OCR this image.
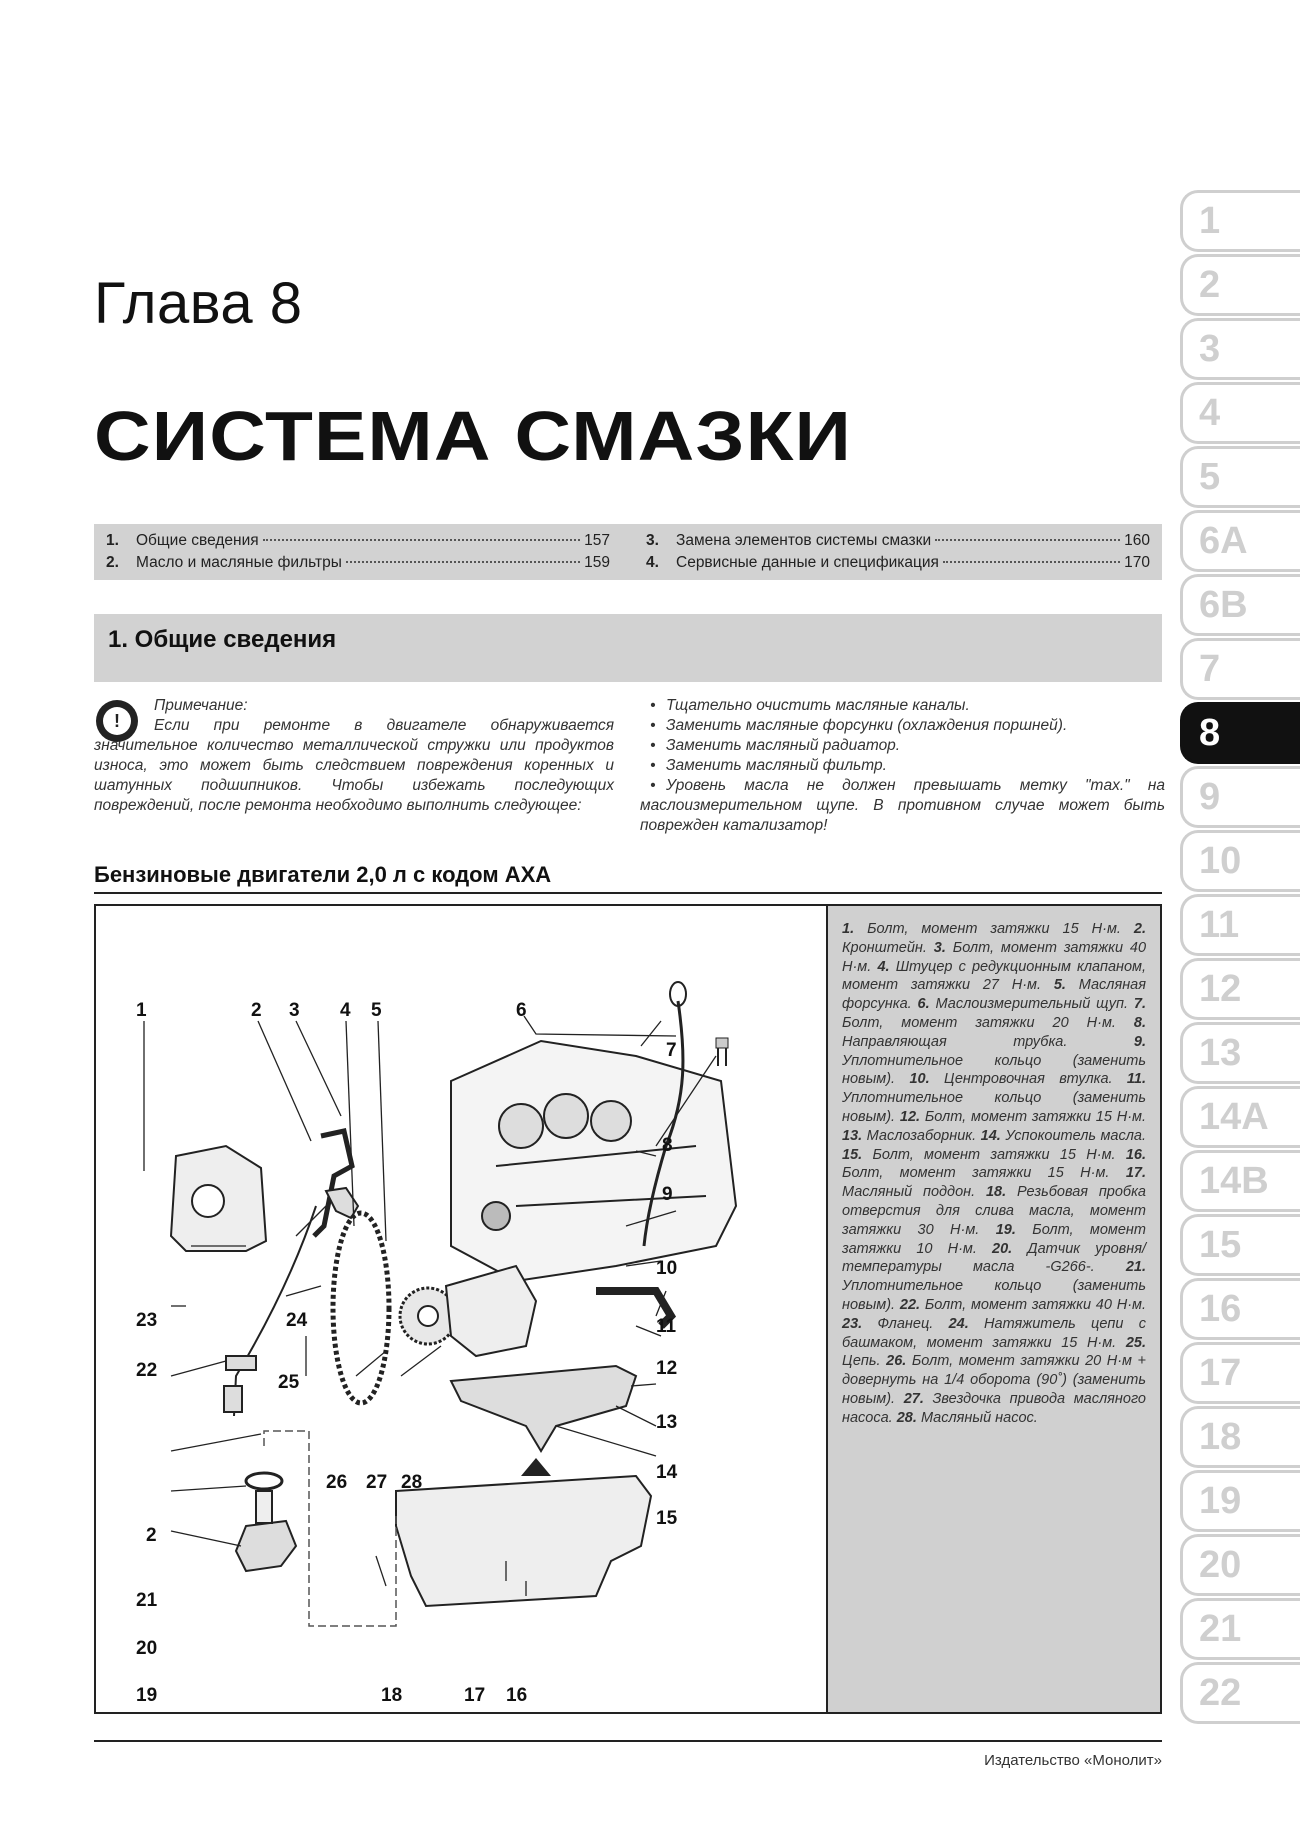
Глава 8
СИСТЕМА СМАЗКИ
1.	Общие сведения	157
2.	Масло и масляные фильтры	159
3.	Замена элементов системы смазки	160
4.	Сервисные данные и спецификация	170
1. Общие сведения
!
Примечание:
Если при ремонте в двигателе обнаруживается значительное количество металлической стружки или продуктов износа, это может быть следствием повреждения коренных и шатунных подшипников. Чтобы избежать последующих повреждений, после ремонта необходимо выполнить следующее:
• Тщательно очистить масляные каналы.
• Заменить масляные форсунки (охлаждения поршней).
• Заменить масляный радиатор.
• Заменить масляный фильтр.
• Уровень масла не должен превышать метку "max." на маслоизмерительном щупе. В противном случае может быть поврежден катализатор!
Бензиновые двигатели 2,0 л с кодом AXA
1	2 3 4 5	6
7
8
9
10
11
12
13
14
15
16
17
18
19
20
21
22
23	24
25
26 27 28
2
1. Болт, момент затяжки 15 Н·м. 2. Кронштейн. 3. Болт, момент затяжки 40 Н·м. 4. Штуцер с редукционным клапаном, момент затяжки 27 Н·м. 5. Масляная форсунка. 6. Маслоизмерительный щуп. 7. Болт, момент затяжки 20 Н·м. 8. Направляющая трубка.	9. Уплотнительное кольцо (заменить новым). 10. Центровочная втулка. 11. Уплотнительное кольцо (заменить новым). 12. Болт, момент затяжки 15 Н·м. 13. Маслозаборник. 14. Успокоитель масла. 15. Болт, момент затяжки 15 Н·м. 16. Болт, момент затяжки 15 Н·м. 17. Масляный поддон. 18. Резьбовая пробка отверстия для слива масла, момент затяжки 30 Н·м. 19. Болт, момент затяжки 10 Н·м. 20. Датчик уровня/температуры масла -G266-. 21. Уплотнительное кольцо (заменить новым). 22. Болт, момент затяжки 40 Н·м. 23. Фланец. 24. Натяжитель цепи с башмаком, момент затяжки 15 Н·м. 25. Цепь. 26. Болт, момент затяжки 20 Н·м + довернуть на 1/4 оборота (90˚) (заменить новым). 27. Звездочка привода масляного насоса. 28. Масляный насос.
Издательство «Монолит»
1
2
3
4
5
6A
6B
7
8
9
10
11
12
13
14A
14B
15
16
17
18
19
20
21
22
